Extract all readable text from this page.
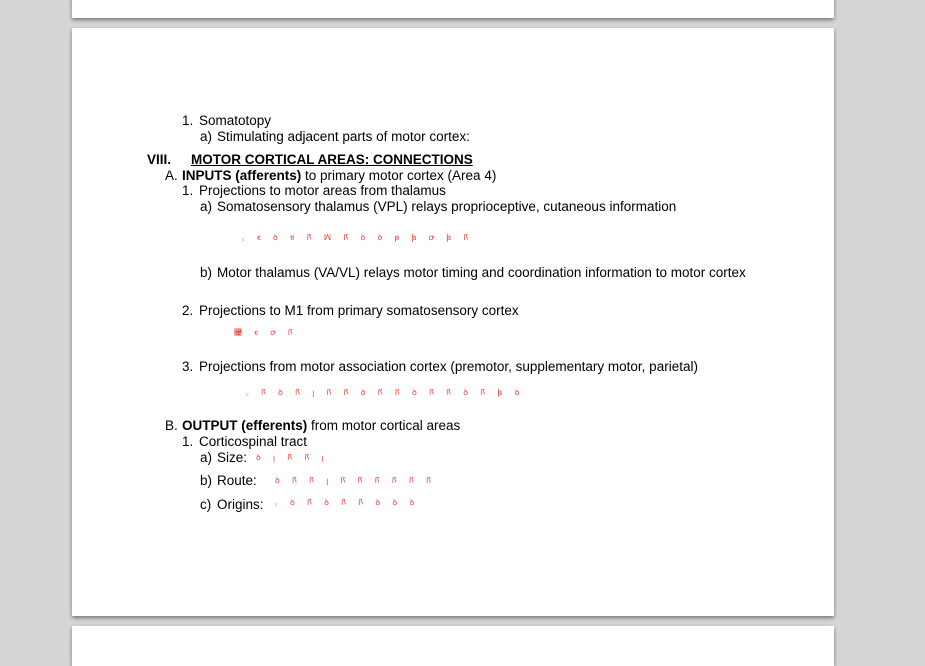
1. Somatotopy
a) Stimulating adjacent parts of motor cortex:
VIII. MOTOR CORTICAL AREAS: CONNECTIONS
A. INPUTS (afferents) to primary motor cortex (Area 4)
1. Projections to motor areas from thalamus
a) Somatosensory thalamus (VPL) relays proprioceptive, cutaneous information
꜀ ꞓ ꝺ ɐ ꟗ ꟽ ꟗ ꝺ ꝺ ꟕ ꟓ ꝍ ꟓ ꟗ
b) Motor thalamus (VA/VL) relays motor timing and coordination information to motor cortex
2. Projections to M1 from primary somatosensory cortex
꟔ ꞓ ꝍ ꟗ
3. Projections from motor association cortex (premotor, supplementary motor, parietal)
꜀ ꟗ ꝺ ꟗ ꞁ ꟗ ꟗ ꝺ ꟗ ꟗ ꝺ ꟗ ꟗ ꝺ ꟗ ꟓ ꝺ
B. OUTPUT (efferents) from motor cortical areas
1. Corticospinal tract
a) Size: ꝺ ꞁ ꟗ ꟗ ꞁ
b) Route: ꝺ ꟗ ꟗ ꞁ ꟗ ꟗ ꟗ ꟗ ꟗ ꟗ
c) Origins: ꜀ ꝺ ꟗ ꝺ ꟗ ꟗ ꝺ ꝺ ꝺ
